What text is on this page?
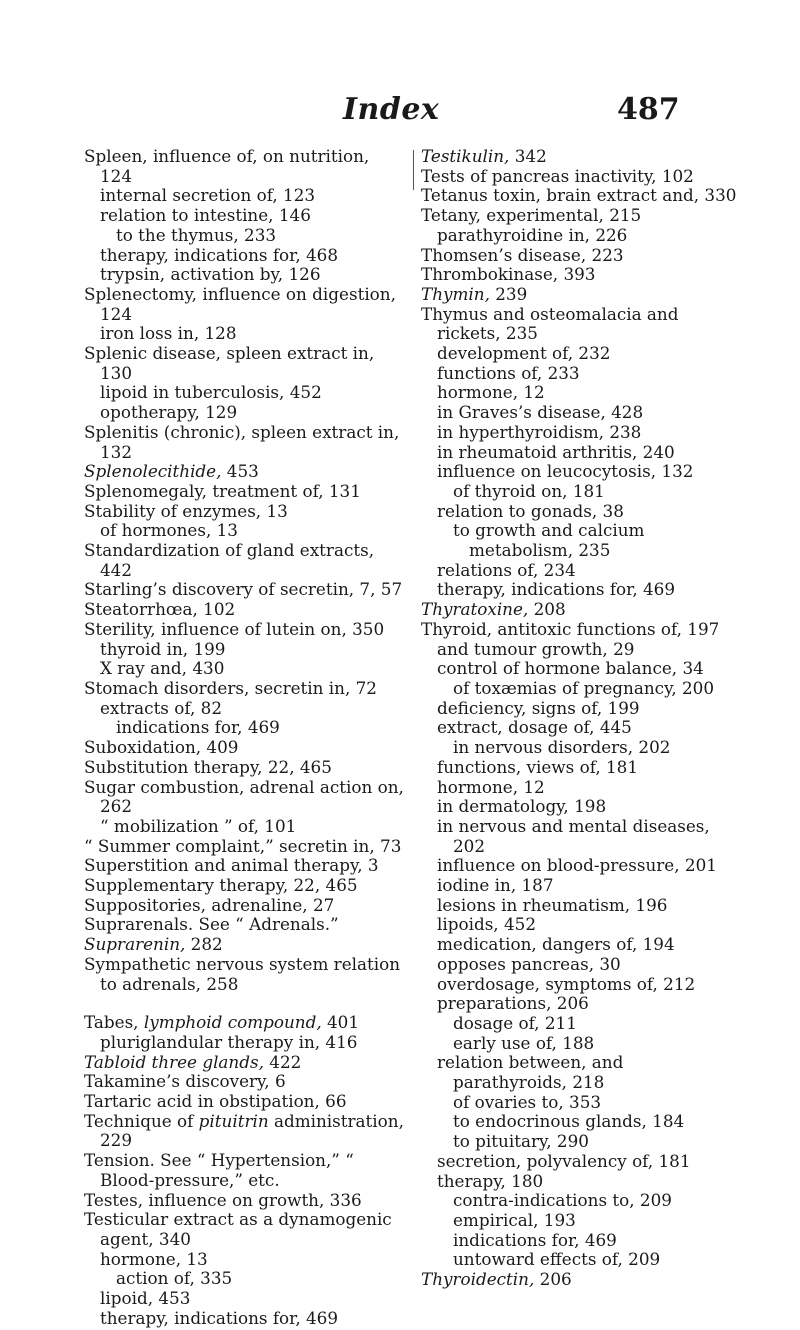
Index	487

Spleen, influence of, on nutrition, 124

internal secretion of, 123

relation to intestine, 146

to the thymus, 233

therapy, indications for, 468

trypsin, activation by, 126

Splenectomy, influence on digestion, 124

iron loss in, 128

Splenic disease, spleen extract in, 130

lipoid in tuberculosis, 452

opotherapy, 129

Splenitis (chronic), spleen extract in, 132

Splenolecithide, 453

Splenomegaly, treatment of, 131

Stability of enzymes, 13

of hormones, 13

Standardization of gland extracts, 442

Starling’s discovery of secretin, 7, 57

Steatorrhœa, 102

Sterility, influence of lutein on, 350

thyroid in, 199

X ray and, 430

Stomach disorders, secretin in, 72

extracts of, 82

indications for, 469

Suboxidation, 409

Substitution therapy, 22, 465

Sugar combustion, adrenal action on, 262

“ mobilization ” of, 101

“ Summer complaint,” secretin in, 73

Superstition and animal therapy, 3

Supplementary therapy, 22, 465

Suppositories, adrenaline, 27

Suprarenals. See “ Adrenals.”

Suprarenin, 282

Sympathetic nervous system relation to adrenals, 258

Tabes, lymphoid compound, 401

pluriglandular therapy in, 416

Tabloid three glands, 422

Takamine’s discovery, 6

Tartaric acid in obstipation, 66

Technique of pituitrin administration, 229

Tension. See “ Hypertension,” “ Blood-pressure,” etc.

Testes, influence on growth, 336

Testicular extract as a dynamogenic agent, 340

hormone, 13

action of, 335

lipoid, 453

therapy, indications for, 469

Testikulin, 342

Tests of pancreas inactivity, 102

Tetanus toxin, brain extract and, 330

Tetany, experimental, 215

parathyroidine in, 226

Thomsen’s disease, 223

Thrombokinase, 393

Thymin, 239

Thymus and osteomalacia and rickets, 235

development of, 232

functions of, 233

hormone, 12

in Graves’s disease, 428

in hyperthyroidism, 238

in rheumatoid arthritis, 240

influence on leucocytosis, 132

of thyroid on, 181

relation to gonads, 38

to growth and calcium metabolism, 235

relations of, 234

therapy, indications for, 469

Thyratoxine, 208

Thyroid, antitoxic functions of, 197

and tumour growth, 29

control of hormone balance, 34

of toxæmias of pregnancy, 200

deficiency, signs of, 199

extract, dosage of, 445

in nervous disorders, 202

functions, views of, 181

hormone, 12

in dermatology, 198

in nervous and mental diseases, 202

influence on blood-pressure, 201

iodine in, 187

lesions in rheumatism, 196

lipoids, 452

medication, dangers of, 194

opposes pancreas, 30

overdosage, symptoms of, 212

preparations, 206

dosage of, 211

early use of, 188

relation between, and parathyroids, 218

of ovaries to, 353

to endocrinous glands, 184

to pituitary, 290

secretion, polyvalency of, 181

therapy, 180

contra-indications to, 209

empirical, 193

indications for, 469

untoward effects of, 209

Thyroidectin, 206
